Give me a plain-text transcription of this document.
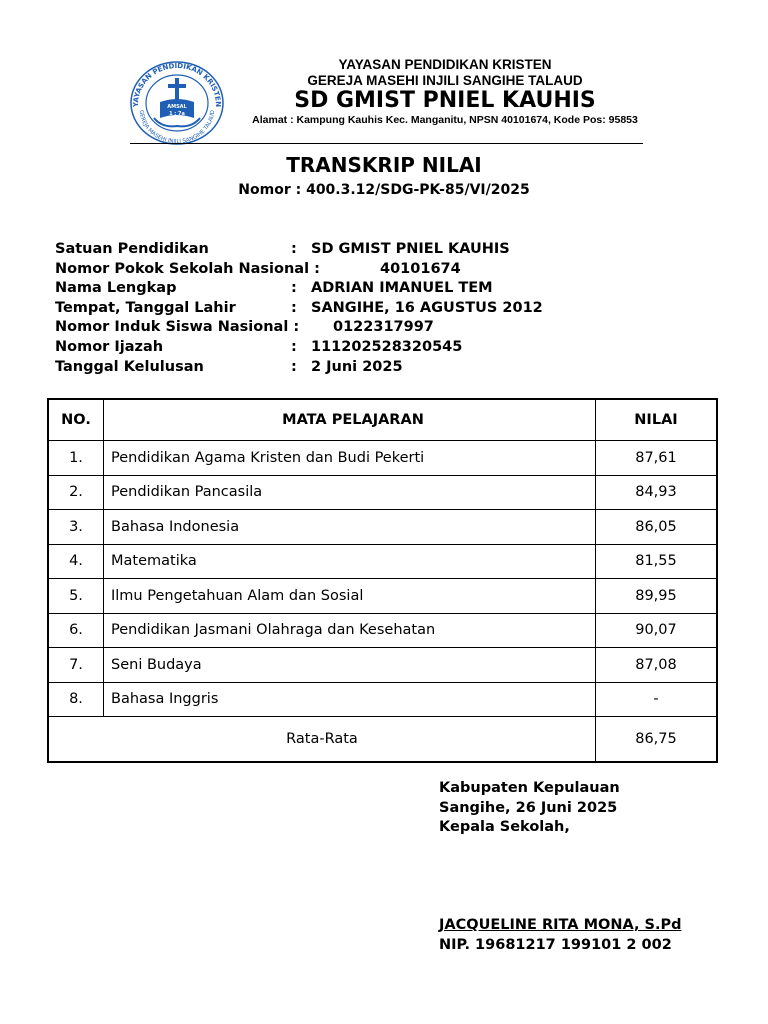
YAYASAN PENDIDIKAN KRISTEN
GEREJA MASEHI INJILI SANGIHE TALAUD
AMSAL
1 : 7a
YAYASAN PENDIDIKAN KRISTEN
GEREJA MASEHI INJILI SANGIHE TALAUD
SD GMIST PNIEL KAUHIS
Alamat : Kampung Kauhis Kec. Manganitu, NPSN 40101674, Kode Pos: 95853
TRANSKRIP NILAI
Nomor : 400.3.12/SDG-PK-85/VI/2025
Satuan Pendidikan	: SD GMIST PNIEL KAUHIS
Nomor Pokok Sekolah Nasional :	40101674
Nama Lengkap	: ADRIAN IMANUEL TEM
Tempat, Tanggal Lahir	: SANGIHE, 16 AGUSTUS 2012
Nomor Induk Siswa Nasional : 0122317997
Nomor Ijazah	: 111202528320545
Tanggal Kelulusan	: 2 Juni 2025
NO.	MATA PELAJARAN	NILAI
1.	Pendidikan Agama Kristen dan Budi Pekerti	87,61
2.	Pendidikan Pancasila	84,93
3.	Bahasa Indonesia	86,05
4.	Matematika	81,55
5.	Ilmu Pengetahuan Alam dan Sosial	89,95
6.	Pendidikan Jasmani Olahraga dan Kesehatan	90,07
7.	Seni Budaya	87,08
8.	Bahasa Inggris	-
Rata-Rata		86,75
Kabupaten Kepulauan
Sangihe, 26 Juni 2025
Kepala Sekolah,
JACQUELINE RITA MONA, S.Pd
NIP. 19681217 199101 2 002
